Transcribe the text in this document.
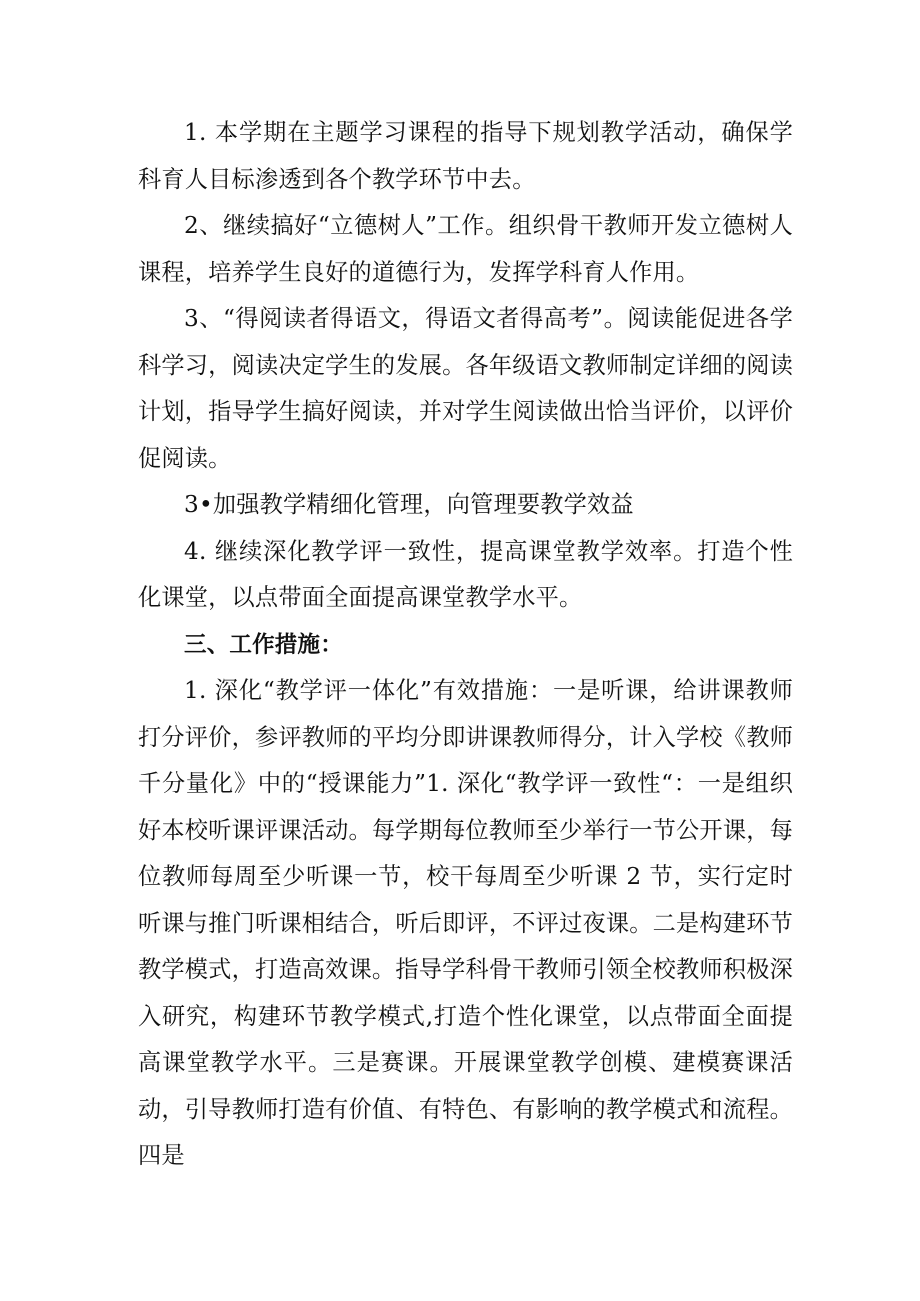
1. 本学期在主题学习课程的指导下规划教学活动，确保学科育人目标渗透到各个教学环节中去。

2、继续搞好“立德树人”工作。组织骨干教师开发立德树人课程，培养学生良好的道德行为，发挥学科育人作用。

3、“得阅读者得语文，得语文者得高考”。阅读能促进各学科学习，阅读决定学生的发展。各年级语文教师制定详细的阅读计划，指导学生搞好阅读，并对学生阅读做出恰当评价，以评价促阅读。

3•加强教学精细化管理，向管理要教学效益

4. 继续深化教学评一致性，提高课堂教学效率。打造个性化课堂，以点带面全面提高课堂教学水平。

三、工作措施：

1. 深化“教学评一体化”有效措施：一是听课，给讲课教师打分评价，参评教师的平均分即讲课教师得分，计入学校《教师千分量化》中的“授课能力”1. 深化“教学评一致性“：一是组织好本校听课评课活动。每学期每位教师至少举行一节公开课，每位教师每周至少听课一节，校干每周至少听课 2 节，实行定时听课与推门听课相结合，听后即评，不评过夜课。二是构建环节教学模式，打造高效课。指导学科骨干教师引领全校教师积极深入研究，构建环节教学模式,打造个性化课堂，以点带面全面提高课堂教学水平。三是赛课。开展课堂教学创模、建模赛课活动，引导教师打造有价值、有特色、有影响的教学模式和流程。四是
